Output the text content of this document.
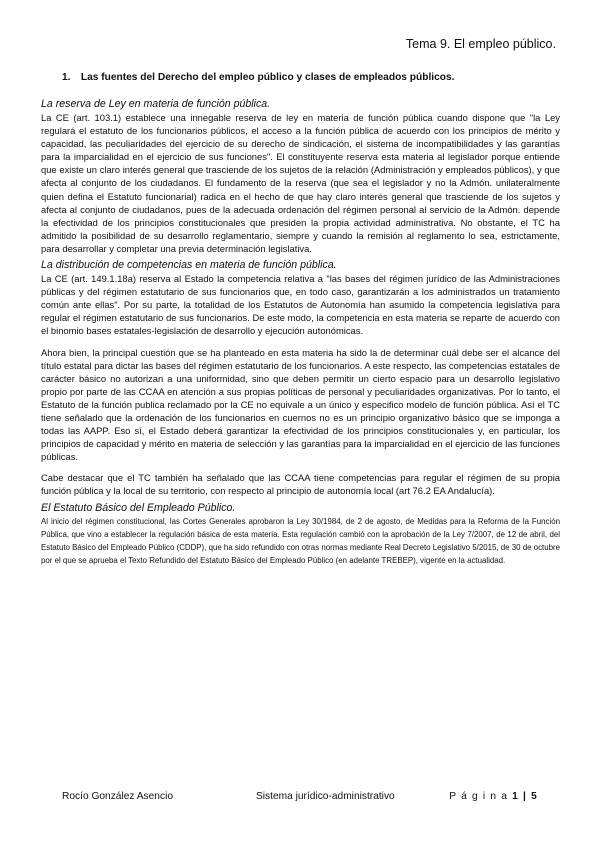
Tema 9. El empleo público.
1. Las fuentes del Derecho del empleo público y clases de empleados públicos.

La reserva de Ley en materia de función pública.

La CE (art. 103.1) establece una innegable reserva de ley en materia de función pública cuando dispone que "la Ley regulará el estatuto de los funcionarios públicos, el acceso a la función pública de acuerdo con los principios de mérito y capacidad, las peculiaridades del ejercicio de su derecho de sindicación, el sistema de incompatibilidades y las garantías para la imparcialidad en el ejercicio de sus funciones". El constituyente reserva esta materia al legislador porque entiende que existe un claro interés general que trasciende de los sujetos de la relación (Administración y empleados públicos), y que afecta al conjunto de los ciudadanos. El fundamento de la reserva (que sea el legislador y no la Admón. unilateralmente quien defina el Estatuto funcionarial) radica en el hecho de que hay claro interés general que trasciende de los sujetos y afecta al conjunto de ciudadanos, pues de la adecuada ordenación del régimen personal al servicio de la Admón. depende la efectividad de los principios constitucionales que presiden la propia actividad administrativa. No obstante, el TC ha admitido la posibilidad de su desarrollo reglamentario, siempre y cuando la remisión al reglamento lo sea, estrictamente, para desarrollar y completar una previa determinación legislativa.

La distribución de competencias en materia de función pública.

La CE (art. 149.1.18a) reserva al Estado la competencia relativa a "las bases del régimen jurídico de las Administraciones públicas y del régimen estatutario de sus funcionarios que, en todo caso, garantizarán a los administrados un tratamiento común ante ellas". Por su parte, la totalidad de los Estatutos de Autonomía han asumido la competencia legislativa para regular el régimen estatutario de sus funcionarios. De este modo, la competencia en esta materia se reparte de acuerdo con el binomio bases estatales-legislación de desarrollo y ejecución autonómicas.

Ahora bien, la principal cuestión que se ha planteado en esta materia ha sido la de determinar cuál debe ser el alcance del título estatal para dictar las bases del régimen estatutario de los funcionarios. A este respecto, las competencias estatales de carácter básico no autorizan a una uniformidad, sino que deben permitir un cierto espacio para un desarrollo legislativo propio por parte de las CCAA en atención a sus propias políticas de personal y peculiaridades organizativas. Por lo tanto, el Estatuto de la función publica reclamado por la CE no equivale a un único y especifico modelo de función pública. Así el TC tiene señalado que la ordenación de los funcionarios en cuernos no es un principio organizativo básico que se imponga a todas las AAPP. Eso sí, el Estado deberá garantizar la efectividad de los principios constitucionales y, en particular, los principios de capacidad y mérito en materia de selección y las garantías para la imparcialidad en el ejercicio de las funciones públicas.

Cabe destacar que el TC también ha señalado que las CCAA tiene competencias para regular el régimen de su propia función pública y la local de su territorio, con respecto al principio de autonomía local (art 76.2 EA Andalucía).

El Estatuto Básico del Empleado Público.

Al inicio del régimen constitucional, las Cortes Generales aprobaron la Ley 30/1984, de 2 de agosto, de Medidas para la Reforma de la Función Pública, que vino a establecer la regulación básica de esta materia. Esta regulación cambió con la aprobación de la Ley 7/2007, de 12 de abril, del Estatuto Básico del Empleado Público (CDDP), que ha sido refundido con otras normas mediante Real Decreto Legislativo 5/2015, de 30 de octubre por el que se aprueba el Texto Refundido del Estatuto Básico del Empleado Público (en adelante TREBEP), vigente en la actualidad.

Rocío González Asencio	Sistema jurídico-administrativo	P á g i n a 1 | 5
